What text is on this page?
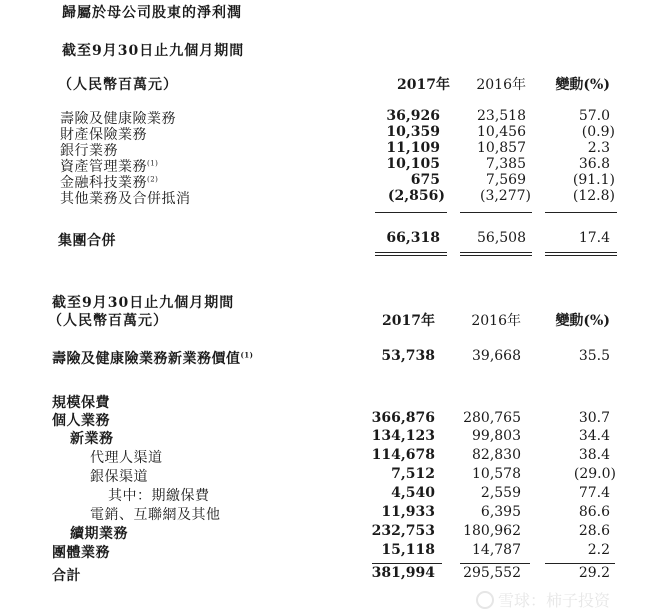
歸屬於母公司股東的淨利潤
截至9月30日止九個月期間
（人民幣百萬元）	2017年	2016年	變動(%)
壽險及健康險業務	36,926	23,518	57.0
財產保險業務	10,359	10,456	(0.9)
銀行業務	11,109	10,857	2.3
資產管理業務$^{(1)}$	10,105	7,385	36.8
金融科技業務$^{(2)}$	675	7,569	(91.1)
其他業務及合併抵消	(2,856)	(3,277)	(12.8)
集團合併	66,318	56,508	17.4
截至9月30日止九個月期間
（人民幣百萬元）	2017年	2016年	變動(%)
壽險及健康險業務新業務價值$^{(1)}$	53,738	39,668	35.5
規模保費
個人業務	366,876	280,765	30.7
新業務	134,123	99,803	34.4
代理人渠道	114,678	82,830	38.4
銀保渠道	7,512	10,578	(29.0)
其中：期繳保費	4,540	2,559	77.4
電銷、互聯網及其他	11,933	6,395	86.6
續期業務	232,753	180,962	28.6
團體業務	15,118	14,787	2.2
合計	381,994	295,552	29.2
雪球：柿子投资
